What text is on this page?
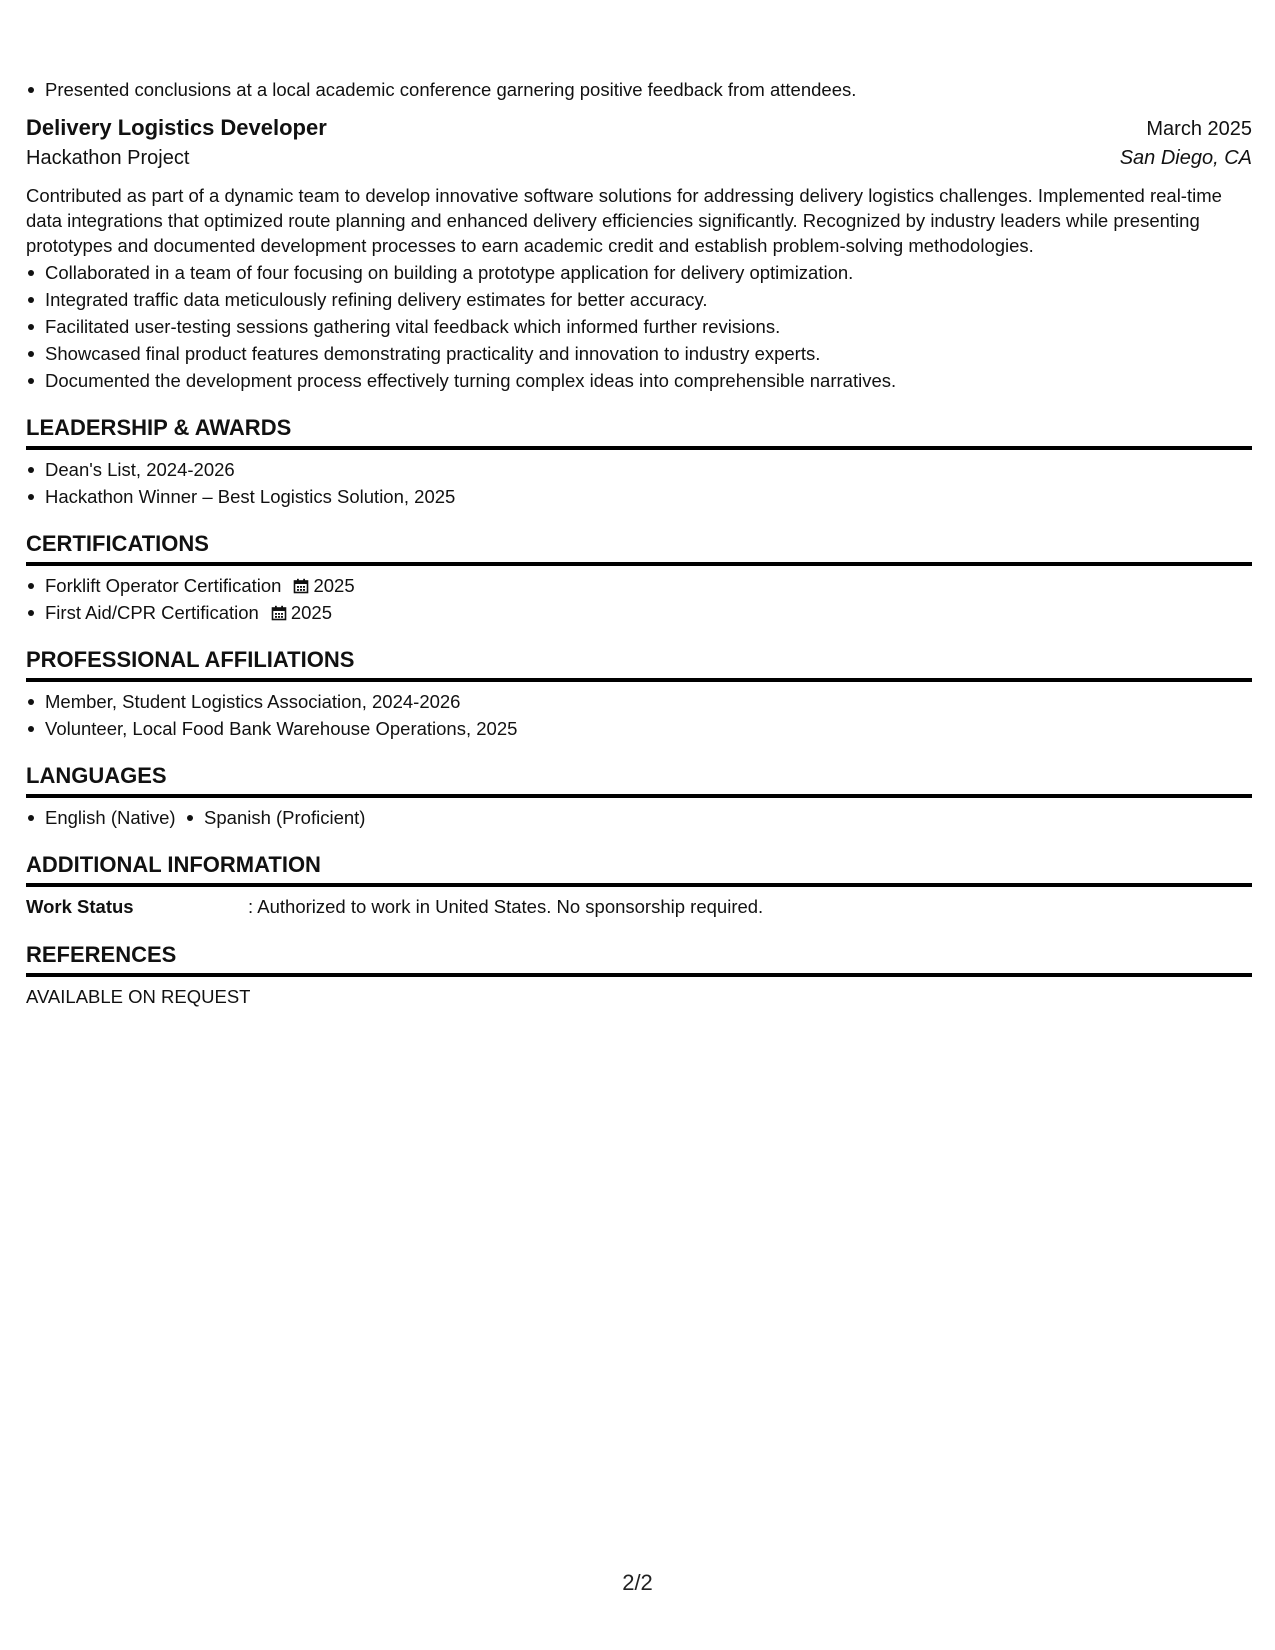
Presented conclusions at a local academic conference garnering positive feedback from attendees.
Delivery Logistics Developer	March 2025
Hackathon Project	San Diego, CA

Contributed as part of a dynamic team to develop innovative software solutions for addressing delivery logistics challenges. Implemented real-time data integrations that optimized route planning and enhanced delivery efficiencies significantly. Recognized by industry leaders while presenting prototypes and documented development processes to earn academic credit and establish problem-solving methodologies.

Collaborated in a team of four focusing on building a prototype application for delivery optimization.
Integrated traffic data meticulously refining delivery estimates for better accuracy.
Facilitated user-testing sessions gathering vital feedback which informed further revisions.
Showcased final product features demonstrating practicality and innovation to industry experts.
Documented the development process effectively turning complex ideas into comprehensible narratives.
LEADERSHIP & AWARDS
Dean's List, 2024-2026
Hackathon Winner – Best Logistics Solution, 2025
CERTIFICATIONS
Forklift Operator Certification 2025
First Aid/CPR Certification 2025
PROFESSIONAL AFFILIATIONS
Member, Student Logistics Association, 2024-2026
Volunteer, Local Food Bank Warehouse Operations, 2025
LANGUAGES
English (Native) Spanish (Proficient)
ADDITIONAL INFORMATION
Work Status	: Authorized to work in United States. No sponsorship required.
REFERENCES
AVAILABLE ON REQUEST
2/2
